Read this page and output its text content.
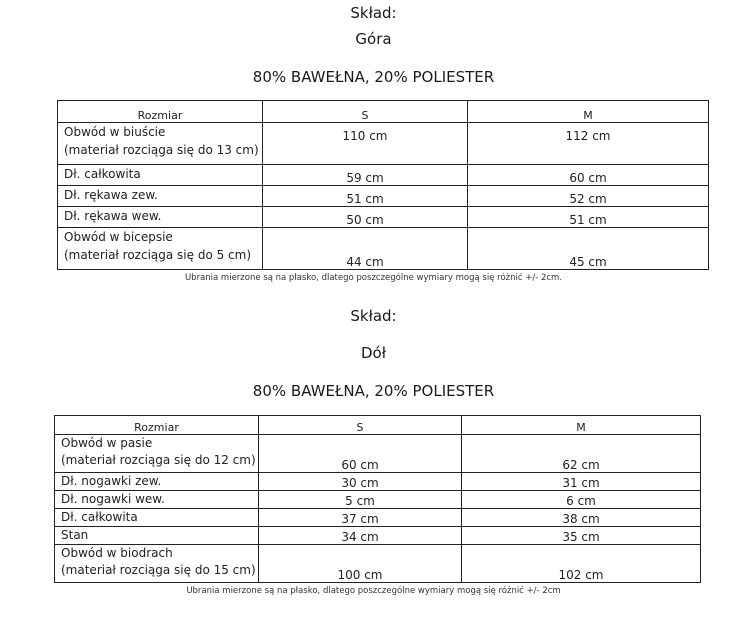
Skład:

Góra

80% BAWEŁNA, 20% POLIESTER

Rozmiar	S	M

Obwód w biuście
(materiał rozciąga się do 13 cm)	110 cm	112 cm
Dł. całkowita	59 cm	60 cm
Dł. rękawa zew.	51 cm	52 cm
Dł. rękawa wew.	50 cm	51 cm

Obwód w bicepsie
(materiał rozciąga się do 5 cm)	44 cm	45 cm

Ubrania mierzone są na płasko, dlatego poszczególne wymiary mogą się różnić +/- 2cm.

Skład:

Dół

80% BAWEŁNA, 20% POLIESTER

Rozmiar	S	M

Obwód w pasie
(materiał rozciąga się do 12 cm)	60 cm	62 cm
Dł. nogawki zew.	30 cm	31 cm
Dł. nogawki wew.	5 cm	6 cm
Dł. całkowita	37 cm	38 cm
Stan	34 cm	35 cm

Obwód w biodrach
(materiał rozciąga się do 15 cm)	100 cm	102 cm

Ubrania mierzone są na płasko, dlatego poszczególne wymiary mogą się różnić +/- 2cm
